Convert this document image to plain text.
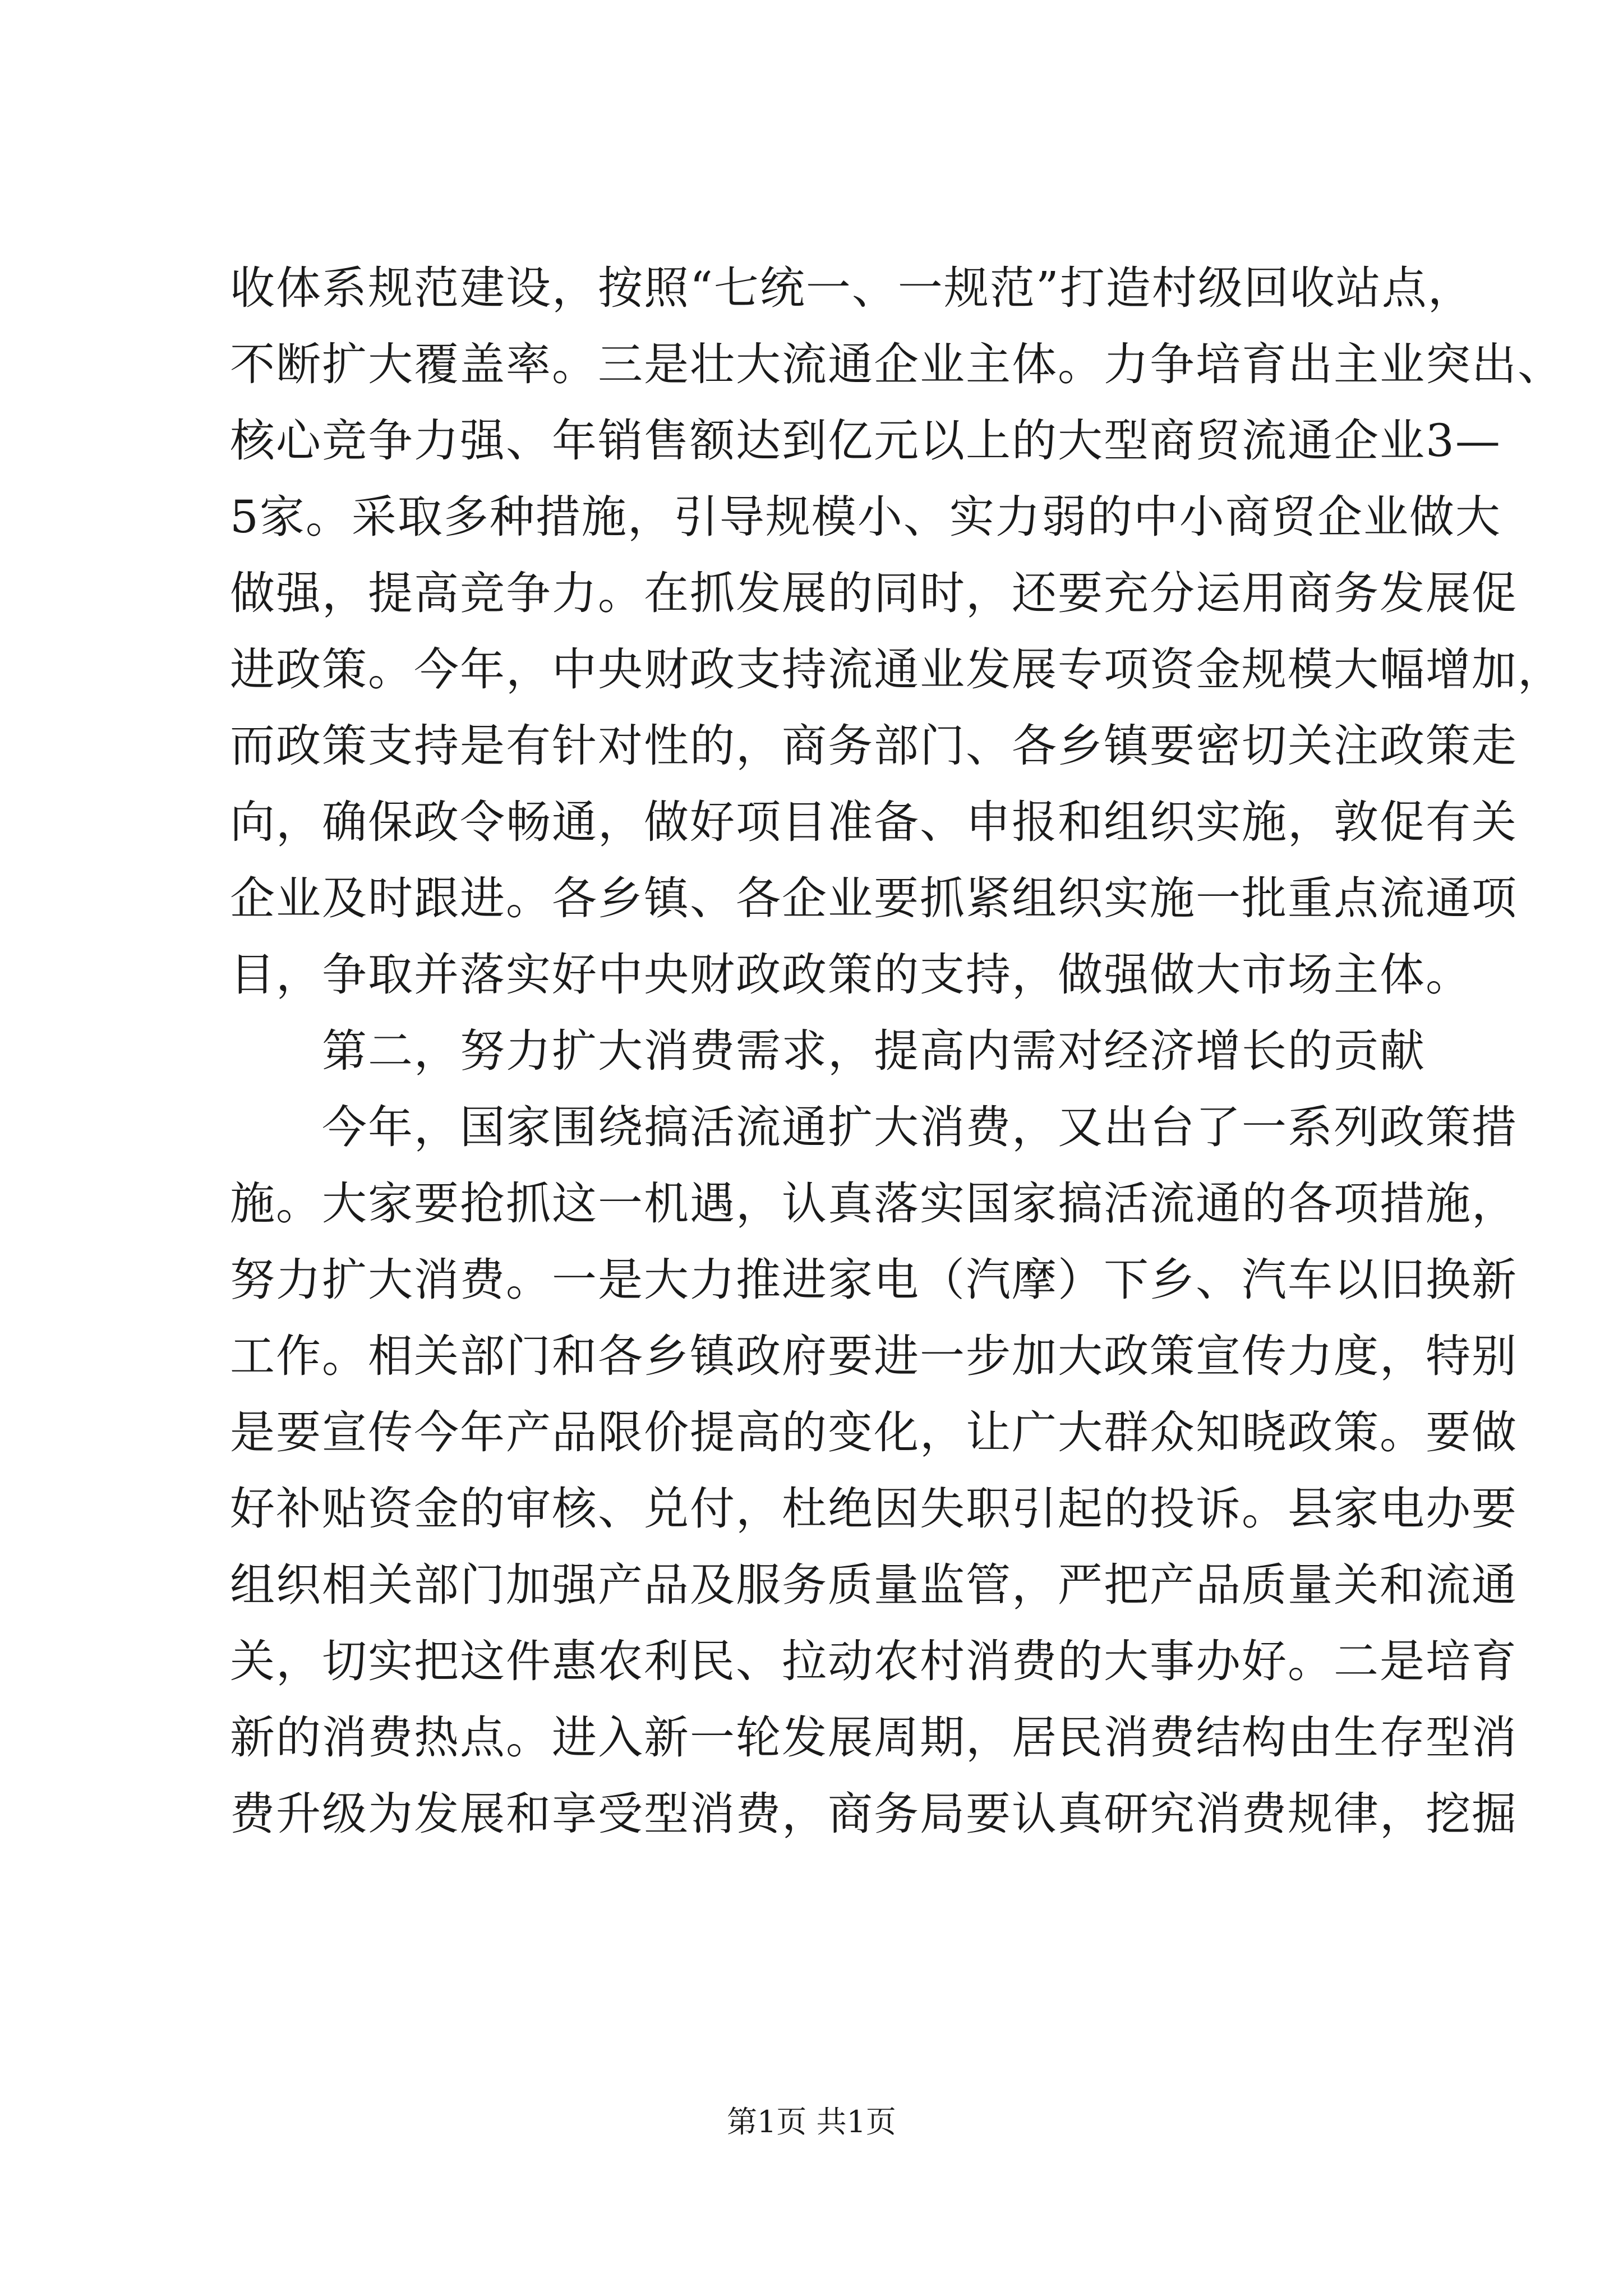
收体系规范建设，按照“七统一、一规范”打造村级回收站点，
不断扩大覆盖率。三是壮大流通企业主体。力争培育出主业突出、
核心竞争力强、年销售额达到亿元以上的大型商贸流通企业3—
5家。采取多种措施，引导规模小、实力弱的中小商贸企业做大
做强，提高竞争力。在抓发展的同时，还要充分运用商务发展促
进政策。今年，中央财政支持流通业发展专项资金规模大幅增加，
而政策支持是有针对性的，商务部门、各乡镇要密切关注政策走
向，确保政令畅通，做好项目准备、申报和组织实施，敦促有关
企业及时跟进。各乡镇、各企业要抓紧组织实施一批重点流通项
目，争取并落实好中央财政政策的支持，做强做大市场主体。
　　第二，努力扩大消费需求，提高内需对经济增长的贡献
　　今年，国家围绕搞活流通扩大消费，又出台了一系列政策措
施。大家要抢抓这一机遇，认真落实国家搞活流通的各项措施，
努力扩大消费。一是大力推进家电（汽摩）下乡、汽车以旧换新
工作。相关部门和各乡镇政府要进一步加大政策宣传力度，特别
是要宣传今年产品限价提高的变化，让广大群众知晓政策。要做
好补贴资金的审核、兑付，杜绝因失职引起的投诉。县家电办要
组织相关部门加强产品及服务质量监管，严把产品质量关和流通
关，切实把这件惠农利民、拉动农村消费的大事办好。二是培育
新的消费热点。进入新一轮发展周期，居民消费结构由生存型消
费升级为发展和享受型消费，商务局要认真研究消费规律，挖掘
第1页 共1页
